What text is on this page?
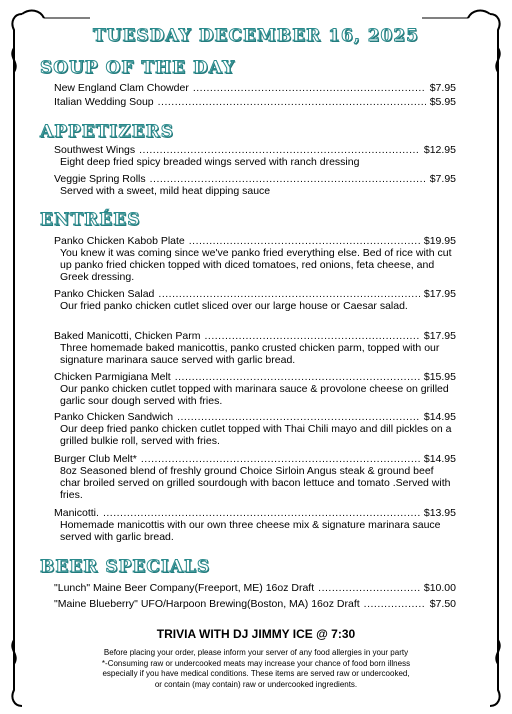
TUESDAY DECEMBER 16, 2025
SOUP OF THE DAY
New England Clam Chowder .....	$7.95
Italian Wedding Soup .....	$5.95
APPETIZERS
Southwest Wings .....	$12.95
Eight deep fried spicy breaded wings served with ranch dressing
Veggie Spring Rolls .....	$7.95
Served with a sweet, mild heat dipping sauce
ENTRÉES
Panko Chicken Kabob Plate .....	$19.95
You knew it was coming since we've panko fried everything else. Bed of rice with cut up panko fried chicken topped with diced tomatoes, red onions, feta cheese, and Greek dressing.
Panko Chicken Salad .....	$17.95
Our fried panko chicken cutlet sliced over our large house or Caesar salad.
Baked Manicotti, Chicken Parm .....	$17.95
Three homemade baked manicottis, panko crusted chicken parm, topped with our signature marinara sauce served with garlic bread.
Chicken Parmigiana Melt .....	$15.95
Our panko chicken cutlet topped with marinara sauce & provolone cheese on grilled garlic sour dough served with fries.
Panko Chicken Sandwich .....	$14.95
Our deep fried panko chicken cutlet topped with Thai Chili mayo and dill pickles on a grilled bulkie roll, served with fries.
Burger Club Melt* .....	$14.95
8oz Seasoned blend of freshly ground Choice Sirloin Angus steak & ground beef char broiled served on grilled sourdough with bacon lettuce and tomato .Served with fries.
Manicotti. .....	$13.95
Homemade manicottis with our own three cheese mix & signature marinara sauce served with garlic bread.
BEER SPECIALS
"Lunch" Maine Beer Company(Freeport, ME) 16oz Draft .....	$10.00
"Maine Blueberry" UFO/Harpoon Brewing(Boston, MA) 16oz Draft .....	$7.50
TRIVIA WITH DJ JIMMY ICE @ 7:30
Before placing your order, please inform your server of any food allergies in your party
*-Consuming raw or undercooked meats may increase your chance of food born illness
especially if you have medical conditions. These items are served raw or undercooked,
or contain (may contain) raw or undercooked ingredients.
